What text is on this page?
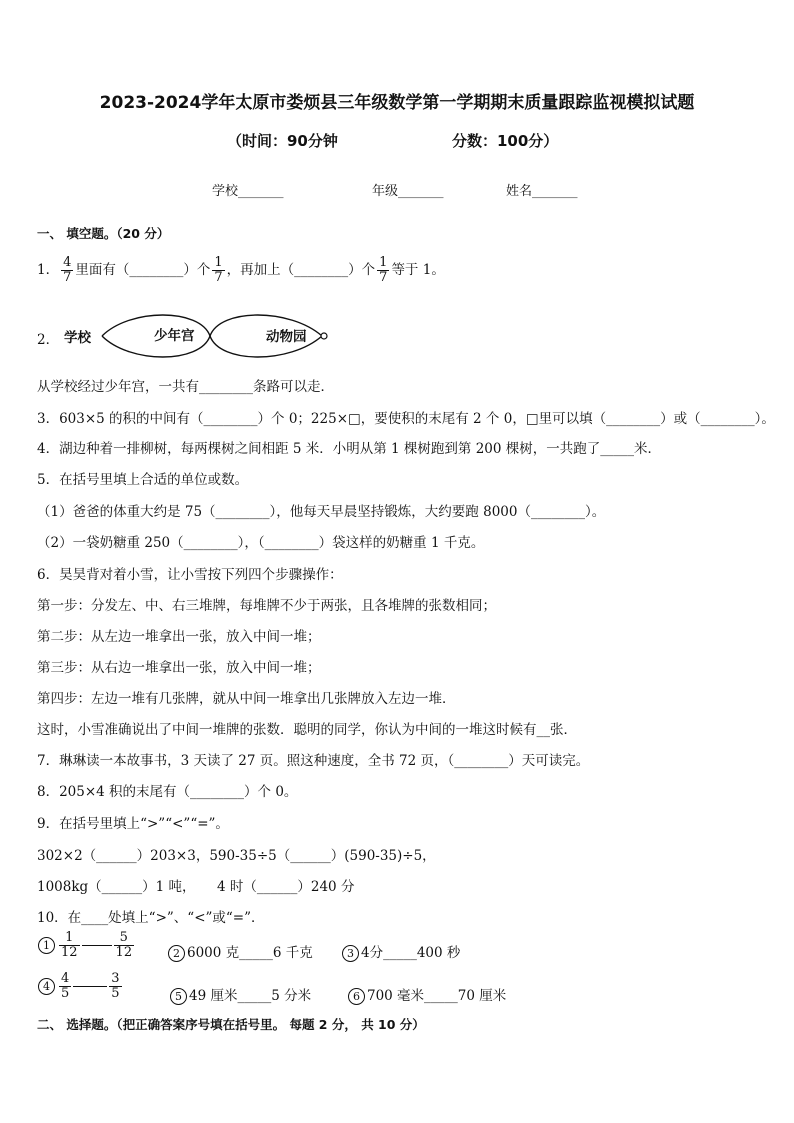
2023-2024学年太原市娄烦县三年级数学第一学期期末质量跟踪监视模拟试题
（时间：90分钟	分数：100分）
学校_______	年级_______	姓名_______
一、 填空题。（20 分）
1． $\frac{4}{7}$ 里面有（________）个 $\frac{1}{7}$ ，再加上（________）个 $\frac{1}{7}$ 等于 1。
2． 学校	少年宫	动物园
从学校经过少年宫，一共有________条路可以走．
3．603×5 的积的中间有（________）个 0；225×□，要使积的末尾有 2 个 0，□里可以填（________）或（________）。
4．湖边种着一排柳树，每两棵树之间相距 5 米．小明从第 1 棵树跑到第 200 棵树，一共跑了_____米．
5．在括号里填上合适的单位或数。
（1）爸爸的体重大约是 75（________），他每天早晨坚持锻炼，大约要跑 8000（________）。
（2）一袋奶糖重 250（________），（________）袋这样的奶糖重 1 千克。
6．昊昊背对着小雪，让小雪按下列四个步骤操作：
第一步：分发左、中、右三堆牌，每堆牌不少于两张，且各堆牌的张数相同；
第二步：从左边一堆拿出一张，放入中间一堆；
第三步：从右边一堆拿出一张，放入中间一堆；
第四步：左边一堆有几张牌，就从中间一堆拿出几张牌放入左边一堆．
这时，小雪准确说出了中间一堆牌的张数．聪明的同学，你认为中间的一堆这时候有__张．
7．琳琳读一本故事书，3 天读了 27 页。照这种速度，全书 72 页，（________）天可读完。
8．205×4 积的末尾有（________）个 0。
9．在括号里填上“>”“<”“=”。
302×2（______）203×3，590-35÷5（______）(590-35)÷5，
1008kg（______）1 吨， 4 时（______）240 分
10．在____处填上“>”、“<”或“=”．
$1 \frac{1}{12}$	$\frac{5}{12}$	2 6000 克_____6 千克	3 4分_____400 秒
$4 \frac{4}{5}$	$\frac{3}{5}$	5 49 厘米_____5 分米	6 700 毫米_____70 厘米
二、 选择题。（把正确答案序号填在括号里。 每题 2 分， 共 10 分）
